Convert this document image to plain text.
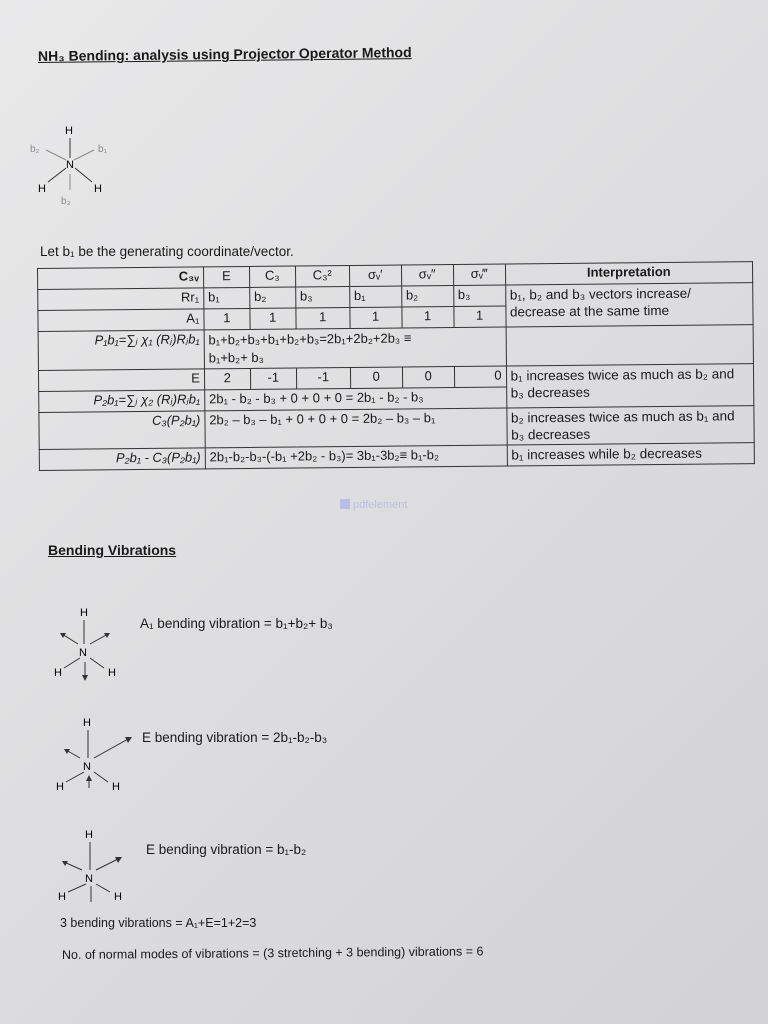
NH₃ Bending: analysis using Projector Operator Method
H
N
H	H
b₁
b₂
b₃
Let b₁ be the generating coordinate/vector.
C₃ᵥ	E	C₃	C₃²	σᵥ′	σᵥ″	σᵥ‴	Interpretation
Rr₁	b₁	b₂	b₃	b₁	b₂	b₃	b₁, b₂ and b₃ vectors increase/ decrease at the same time
A₁	1	1	1	1	1	1	
P₁b₁=∑ⱼ χ₁ (Rⱼ)Rⱼb₁	b₁+b₂+b₃+b₁+b₂+b₃=2b₁+2b₂+2b₃ ≡
b₁+b₂+ b₃						

E	2	-1	-1	0	0	0	b₁ increases twice as much as b₂ and b₃ decreases
P₂b₁=∑ⱼ χ₂ (Rⱼ)Rⱼb₁	2b₁ - b₂ - b₃ + 0 + 0 + 0 = 2b₁ - b₂ - b₃						
C₃(P₂b₁)	2b₂ – b₃ – b₁ + 0 + 0 + 0 = 2b₂ – b₃ – b₁						b₂ increases twice as much as b₁ and b₃ decreases
P₂b₁ - C₃(P₂b₁)	2b₁-b₂-b₃-(-b₁ +2b₂ - b₃)= 3b₁-3b₂≡ b₁-b₂						b₁ increases while b₂ decreases
pdfelement
Bending Vibrations
H
N
H	H
A₁ bending vibration = b₁+b₂+ b₃
H
N
H	H
E bending vibration = 2b₁-b₂-b₃
H
N
H	H
E bending vibration = b₁-b₂
3 bending vibrations = A₁+E=1+2=3
No. of normal modes of vibrations = (3 stretching + 3 bending) vibrations = 6
